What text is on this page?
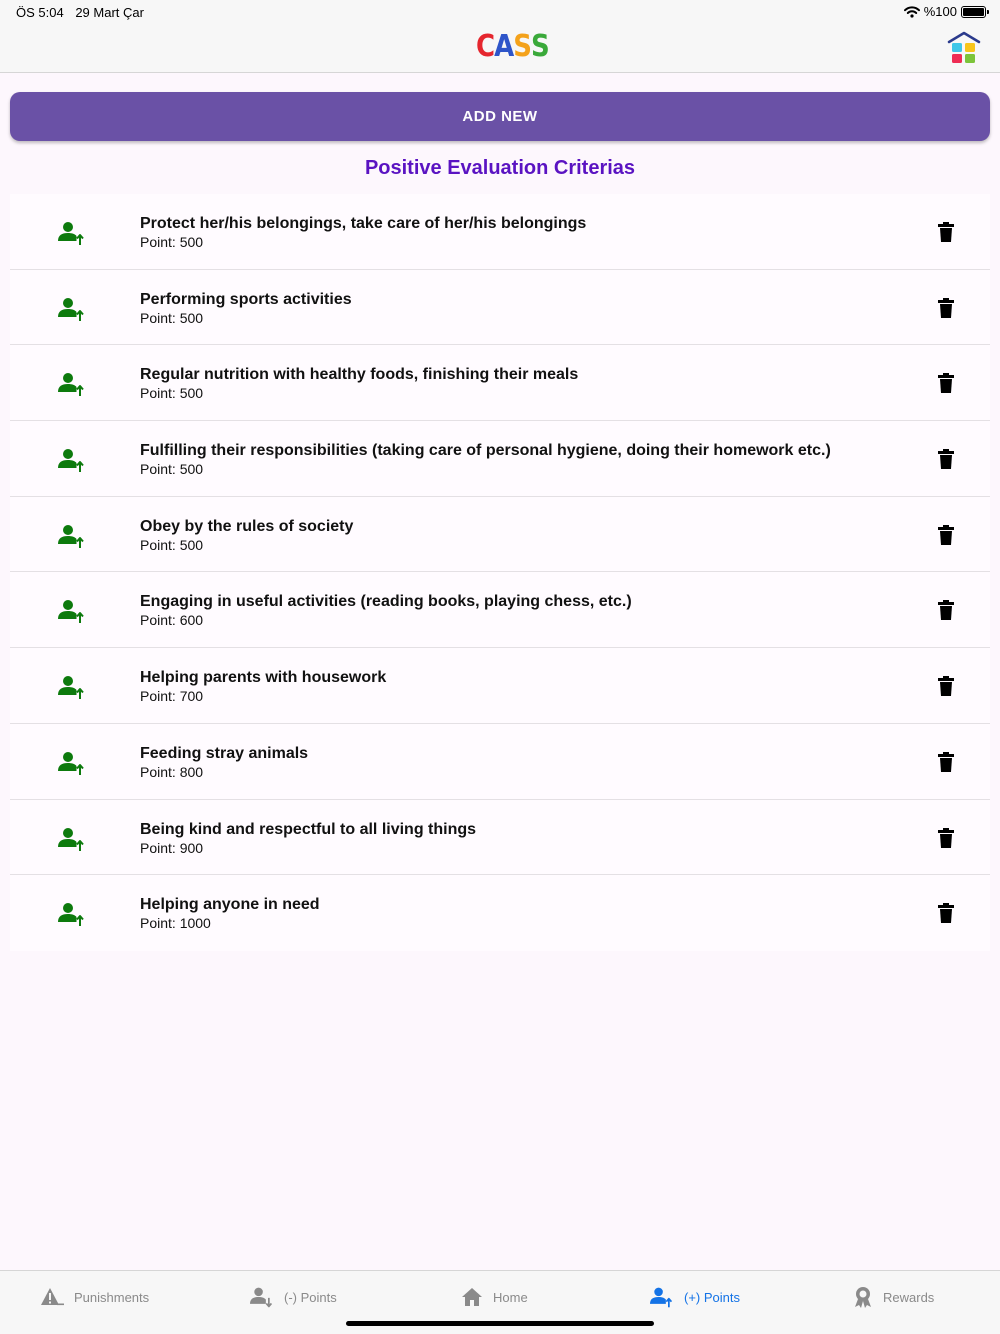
C A S S
ÖS 5:04 29 Mart Çar	%100
ADD NEW
Positive Evaluation Criterias
Protect her/his belongings, take care of her/his belongings
Point: 500
Performing sports activities
Point: 500
Regular nutrition with healthy foods, finishing their meals
Point: 500
Fulfilling their responsibilities (taking care of personal hygiene, doing their homework etc.)
Point: 500
Obey by the rules of society
Point: 500
Engaging in useful activities (reading books, playing chess, etc.)
Point: 600
Helping parents with housework
Point: 700
Feeding stray animals
Point: 800
Being kind and respectful to all living things
Point: 900
Helping anyone in need
Point: 1000
Punishments	(-) Points	Home	(+) Points	Rewards
